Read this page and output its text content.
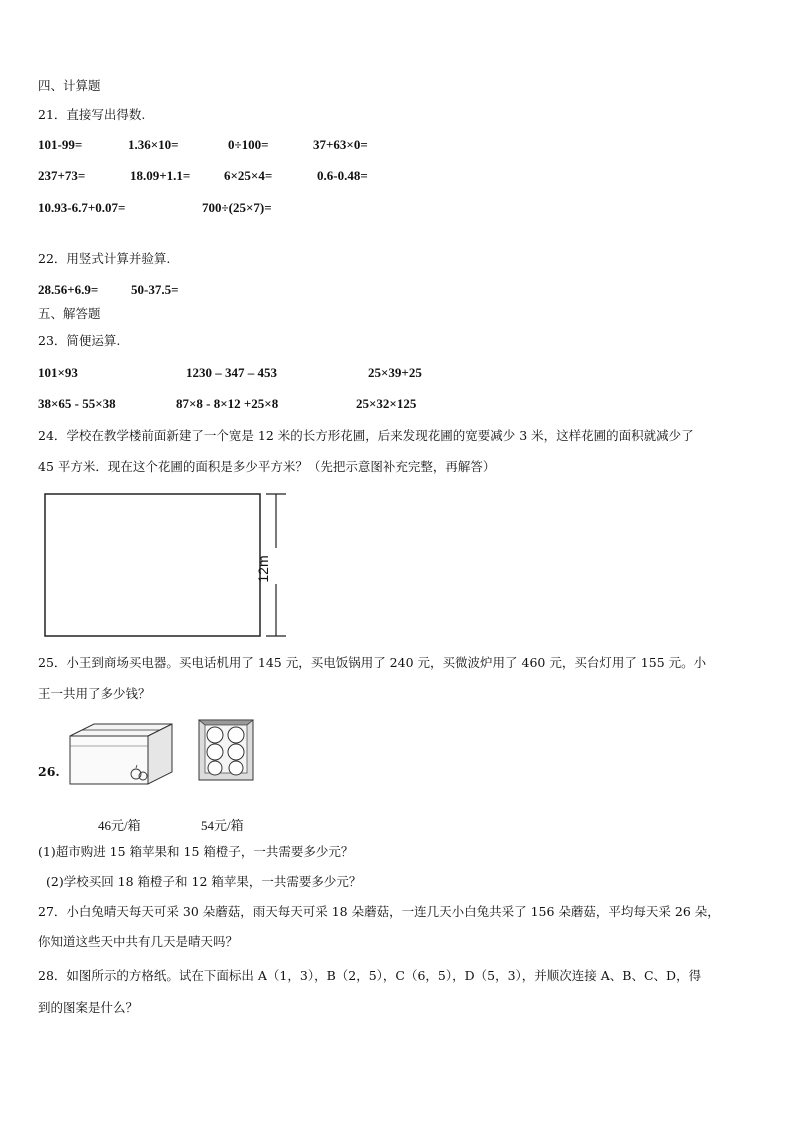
四、计算题
21．直接写出得数.
101-99=	1.36×10=	0÷100=	37+63×0=
237+73=	18.09+1.1=	6×25×4=	0.6-0.48=
10.93-6.7+0.07=	700÷(25×7)=
22．用竖式计算并验算.
28.56+6.9=	50-37.5=
五、解答题
23．简便运算.
101×93	1230 – 347 – 453	25×39+25
38×65 - 55×38	87×8 - 8×12 +25×8	25×32×125
24．学校在教学楼前面新建了一个宽是 12 米的长方形花圃，后来发现花圃的宽要减少 3 米，这样花圃的面积就减少了
45 平方米．现在这个花圃的面积是多少平方米？（先把示意图补充完整，再解答）
12m
25．小王到商场买电器。买电话机用了 145 元，买电饭锅用了 240 元，买微波炉用了 460 元，买台灯用了 155 元。小
王一共用了多少钱？
26.
46元/箱	54元/箱
(1)超市购进 15 箱苹果和 15 箱橙子，一共需要多少元？
(2)学校买回 18 箱橙子和 12 箱苹果，一共需要多少元？
27．小白兔晴天每天可采 30 朵蘑菇，雨天每天可采 18 朵蘑菇，一连几天小白兔共采了 156 朵蘑菇，平均每天采 26 朵，
你知道这些天中共有几天是晴天吗？
28．如图所示的方格纸。试在下面标出 A（1，3），B（2，5），C（6，5），D（5，3），并顺次连接 A、B、C、D，得
到的图案是什么？
